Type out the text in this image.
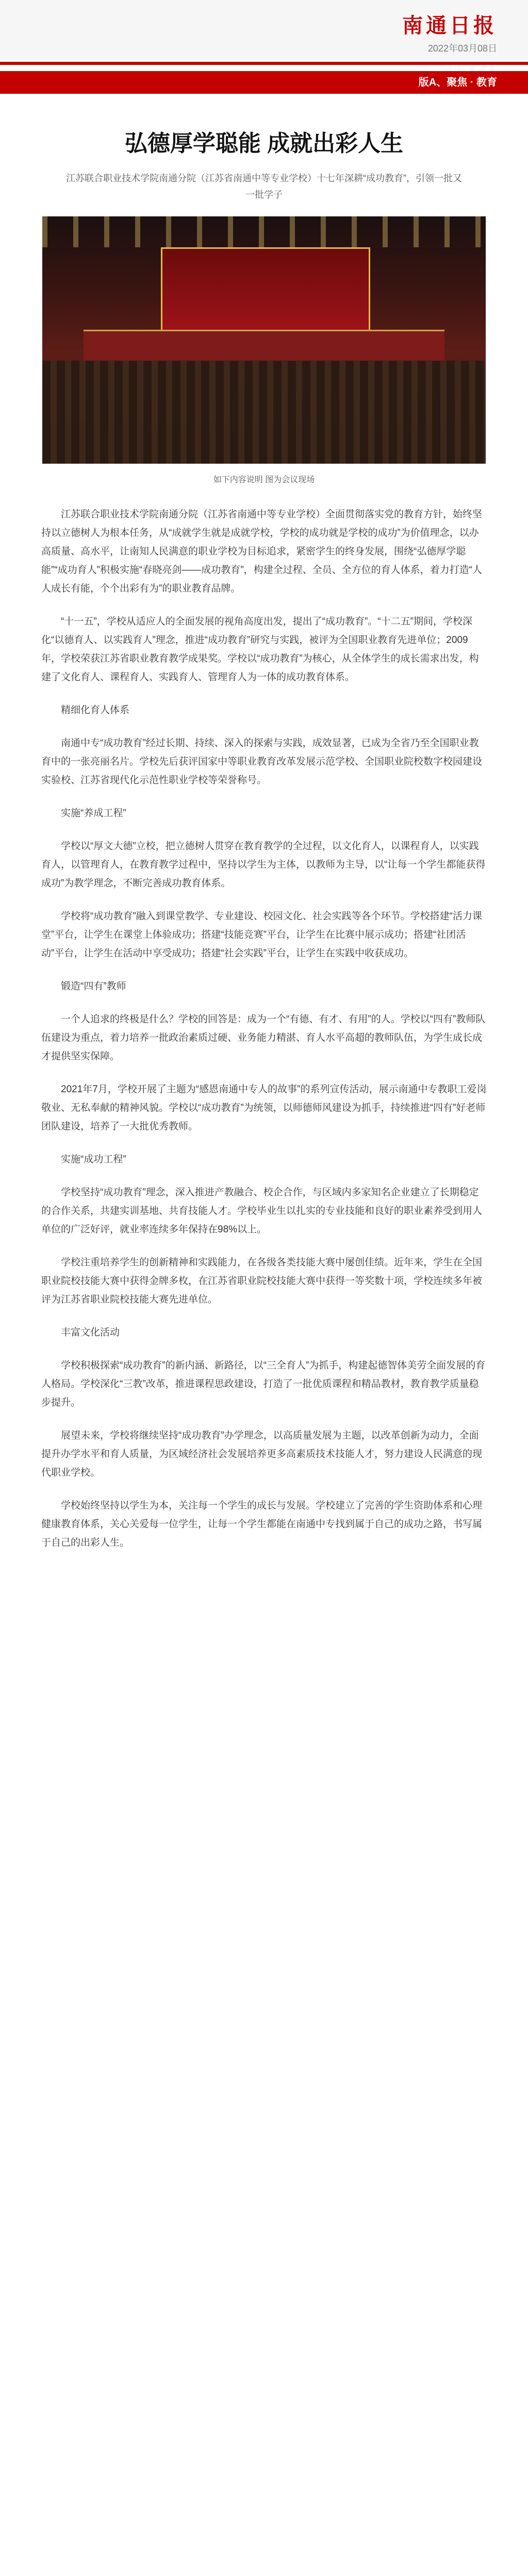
南通日报
2022年03月08日
版A、聚焦 · 教育
弘德厚学聪能 成就出彩人生
江苏联合职业技术学院南通分院（江苏省南通中等专业学校）十七年深耕“成功教育”，引领一批又一批学子
如下内容说明 图为会议现场

江苏联合职业技术学院南通分院（江苏省南通中等专业学校）全面贯彻落实党的教育方针，始终坚持以立德树人为根本任务，从“成就学生就是成就学校，学校的成功就是学校的成功”为价值理念，以办高质量、高水平，让南知人民满意的职业学校为目标追求，紧密学生的终身发展，围绕“弘德厚学聪能”“成功育人”积极实施“春晓亮剑——成功教育”，构建全过程、全员、全方位的育人体系，着力打造“人人成长有能，个个出彩有为”的职业教育品牌。

“十一五”，学校从适应人的全面发展的视角高度出发，提出了“成功教育”。“十二五”期间，学校深化“以德育人、以实践育人”理念，推进“成功教育”研究与实践，被评为全国职业教育先进单位；2009年，学校荣获江苏省职业教育教学成果奖。学校以“成功教育”为核心，从全体学生的成长需求出发，构建了文化育人、课程育人、实践育人、管理育人为一体的成功教育体系。

精细化育人体系

南通中专“成功教育”经过长期、持续、深入的探索与实践，成效显著，已成为全省乃至全国职业教育中的一张亮丽名片。学校先后获评国家中等职业教育改革发展示范学校、全国职业院校数字校园建设实验校、江苏省现代化示范性职业学校等荣誉称号。

实施“养成工程”

学校以“厚文大德”立校，把立德树人贯穿在教育教学的全过程，以文化育人，以课程育人，以实践育人，以管理育人，在教育教学过程中，坚持以学生为主体，以教师为主导，以“让每一个学生都能获得成功”为教学理念，不断完善成功教育体系。

学校将“成功教育”融入到课堂教学、专业建设、校园文化、社会实践等各个环节。学校搭建“活力课堂”平台，让学生在课堂上体验成功；搭建“技能竞赛”平台，让学生在比赛中展示成功；搭建“社团活动”平台，让学生在活动中享受成功；搭建“社会实践”平台，让学生在实践中收获成功。

锻造“四有”教师

一个人追求的终极是什么？学校的回答是：成为一个“有德、有才、有用”的人。学校以“四有”教师队伍建设为重点，着力培养一批政治素质过硬、业务能力精湛、育人水平高超的教师队伍，为学生成长成才提供坚实保障。

2021年7月，学校开展了主题为“感恩南通中专人的故事”的系列宣传活动，展示南通中专教职工爱岗敬业、无私奉献的精神风貌。学校以“成功教育”为统领，以师德师风建设为抓手，持续推进“四有”好老师团队建设，培养了一大批优秀教师。

实施“成功工程”

学校坚持“成功教育”理念，深入推进产教融合、校企合作，与区域内多家知名企业建立了长期稳定的合作关系，共建实训基地、共育技能人才。学校毕业生以扎实的专业技能和良好的职业素养受到用人单位的广泛好评，就业率连续多年保持在98%以上。

学校注重培养学生的创新精神和实践能力，在各级各类技能大赛中屡创佳绩。近年来，学生在全国职业院校技能大赛中获得金牌多枚，在江苏省职业院校技能大赛中获得一等奖数十项，学校连续多年被评为江苏省职业院校技能大赛先进单位。

丰富文化活动

学校积极探索“成功教育”的新内涵、新路径，以“三全育人”为抓手，构建起德智体美劳全面发展的育人格局。学校深化“三教”改革，推进课程思政建设，打造了一批优质课程和精品教材，教育教学质量稳步提升。

展望未来，学校将继续坚持“成功教育”办学理念，以高质量发展为主题，以改革创新为动力，全面提升办学水平和育人质量，为区域经济社会发展培养更多高素质技术技能人才，努力建设人民满意的现代职业学校。

学校始终坚持以学生为本，关注每一个学生的成长与发展。学校建立了完善的学生资助体系和心理健康教育体系，关心关爱每一位学生，让每一个学生都能在南通中专找到属于自己的成功之路，书写属于自己的出彩人生。
